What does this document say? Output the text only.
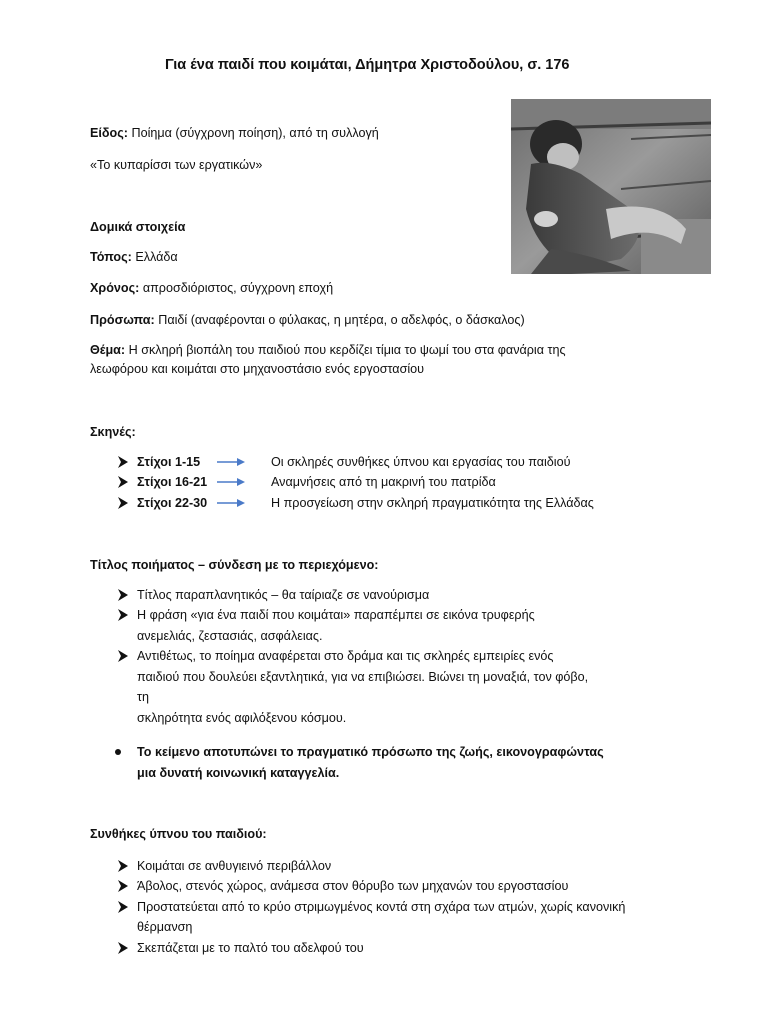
Για ένα παιδί που κοιμάται, Δήμητρα Χριστοδούλου, σ. 176
Είδος: Ποίημα (σύγχρονη ποίηση), από τη συλλογή
«Το κυπαρίσσι των εργατικών»
Δομικά στοιχεία
Τόπος: Ελλάδα
Χρόνος: απροσδιόριστος, σύγχρονη εποχή
Πρόσωπα: Παιδί (αναφέρονται ο φύλακας, η μητέρα, ο αδελφός, ο δάσκαλος)
Θέμα: Η σκληρή βιοπάλη του παιδιού που κερδίζει τίμια το ψωμί του στα φανάρια της
λεωφόρου και κοιμάται στο μηχανοστάσιο ενός εργοστασίου
Σκηνές:
Στίχοι 1-15	Οι σκληρές συνθήκες ύπνου και εργασίας του παιδιού
Στίχοι 16-21	Αναμνήσεις από τη μακρινή του πατρίδα
Στίχοι 22-30	Η προσγείωση στην σκληρή πραγματικότητα της Ελλάδας
Τίτλος ποιήματος – σύνδεση με το περιεχόμενο:
Τίτλος παραπλανητικός – θα ταίριαζε σε νανούρισμα
Η φράση «για ένα παιδί που κοιμάται» παραπέμπει σε εικόνα τρυφερής
ανεμελιάς, ζεστασιάς, ασφάλειας.
Αντιθέτως, το ποίημα αναφέρεται στο δράμα και τις σκληρές εμπειρίες ενός
παιδιού που δουλεύει εξαντλητικά, για να επιβιώσει. Βιώνει τη μοναξιά, τον φόβο,
τη
σκληρότητα ενός αφιλόξενου κόσμου.
Το κείμενο αποτυπώνει το πραγματικό πρόσωπο της ζωής, εικονογραφώντας
μια δυνατή κοινωνική καταγγελία.
Συνθήκες ύπνου του παιδιού:
Κοιμάται σε ανθυγιεινό περιβάλλον
Άβολος, στενός χώρος, ανάμεσα στον θόρυβο των μηχανών του εργοστασίου
Προστατεύεται από το κρύο στριμωγμένος κοντά στη σχάρα των ατμών, χωρίς κανονική
θέρμανση
Σκεπάζεται με το παλτό του αδελφού του
